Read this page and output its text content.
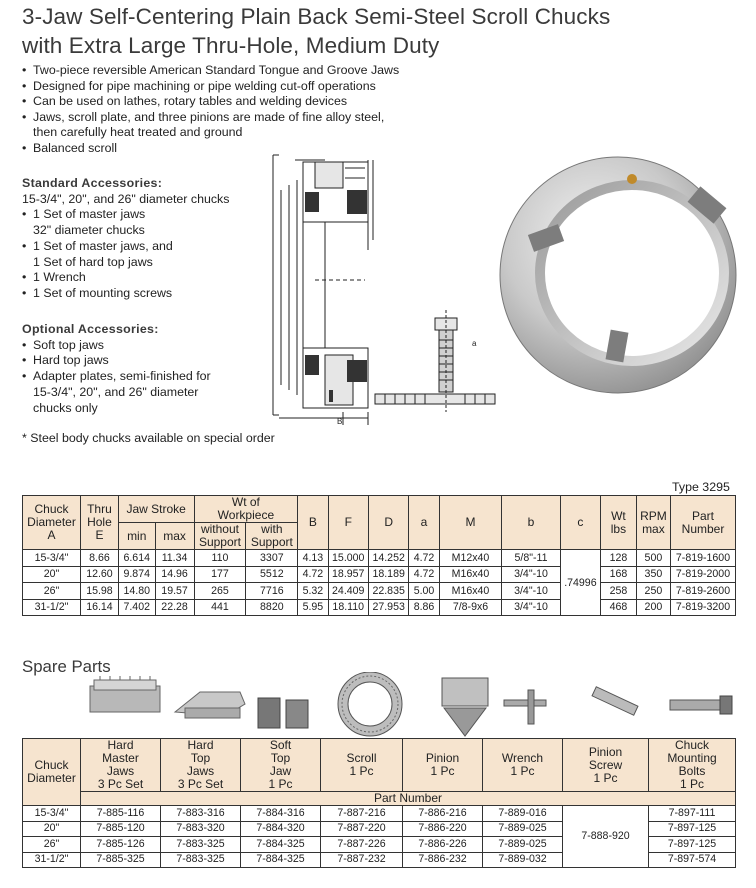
3-Jaw Self-Centering Plain Back Semi-Steel Scroll Chucks
with Extra Large Thru-Hole, Medium Duty
• Two-piece reversible American Standard Tongue and Groove Jaws
• Designed for pipe machining or pipe welding cut-off operations
• Can be used on lathes, rotary tables and welding devices
• Jaws, scroll plate, and three pinions are made of fine alloy steel,
then carefully heat treated and ground
• Balanced scroll
Standard Accessories:
15-3/4", 20", and 26" diameter chucks
• 1 Set of master jaws
32" diameter chucks
• 1 Set of master jaws, and
1 Set of hard top jaws
• 1 Wrench
• 1 Set of mounting screws
Optional Accessories:
• Soft top jaws
• Hard top jaws
• Adapter plates, semi-finished for
15-3/4", 20", and 26" diameter
chucks only
* Steel body chucks available on special order
B
a
Type 3295
Chuck
Diameter
A	Thru
Hole
E	Jaw Stroke		Wt of
Workpiece		B	F	D	a	M	b	c	Wt
lbs	RPM
max	Part
Number

		min	max	without
Support	with
Support										

15-3/4"	8.66	6.614	11.34	110	3307	4.13	15.000	14.252	4.72	M12x40	5/8"-11	.74996	128	500	7-819-1600
20"	12.60	9.874	14.96	177	5512	4.72	18.957	18.189	4.72	M16x40	3/4"-10		168	350	7-819-2000
26"	15.98	14.80	19.57	265	7716	5.32	24.409	22.835	5.00	M16x40	3/4"-10		258	250	7-819-2600
31-1/2"	16.14	7.402	22.28	441	8820	5.95	18.110	27.953	8.86	7/8-9x6	3/4"-10		468	200	7-819-3200
Spare Parts
Chuck
Diameter	Hard
Master
Jaws
3 Pc Set	Hard
Top
Jaws
3 Pc Set	Soft
Top
Jaw
1 Pc	Scroll
1 Pc	Pinion
1 Pc	Wrench
1 Pc	Pinion
Screw
1 Pc	Chuck
Mounting
Bolts
1 Pc

	Part Number							
15-3/4"	7-885-116	7-883-316	7-884-316	7-887-216	7-886-216	7-889-016	7-888-920	7-897-111
20"	7-885-120	7-883-320	7-884-320	7-887-220	7-886-220	7-889-025		7-897-125
26"	7-885-126	7-883-325	7-884-325	7-887-226	7-886-226	7-889-025		7-897-125
31-1/2"	7-885-325	7-883-325	7-884-325	7-887-232	7-886-232	7-889-032		7-897-574
